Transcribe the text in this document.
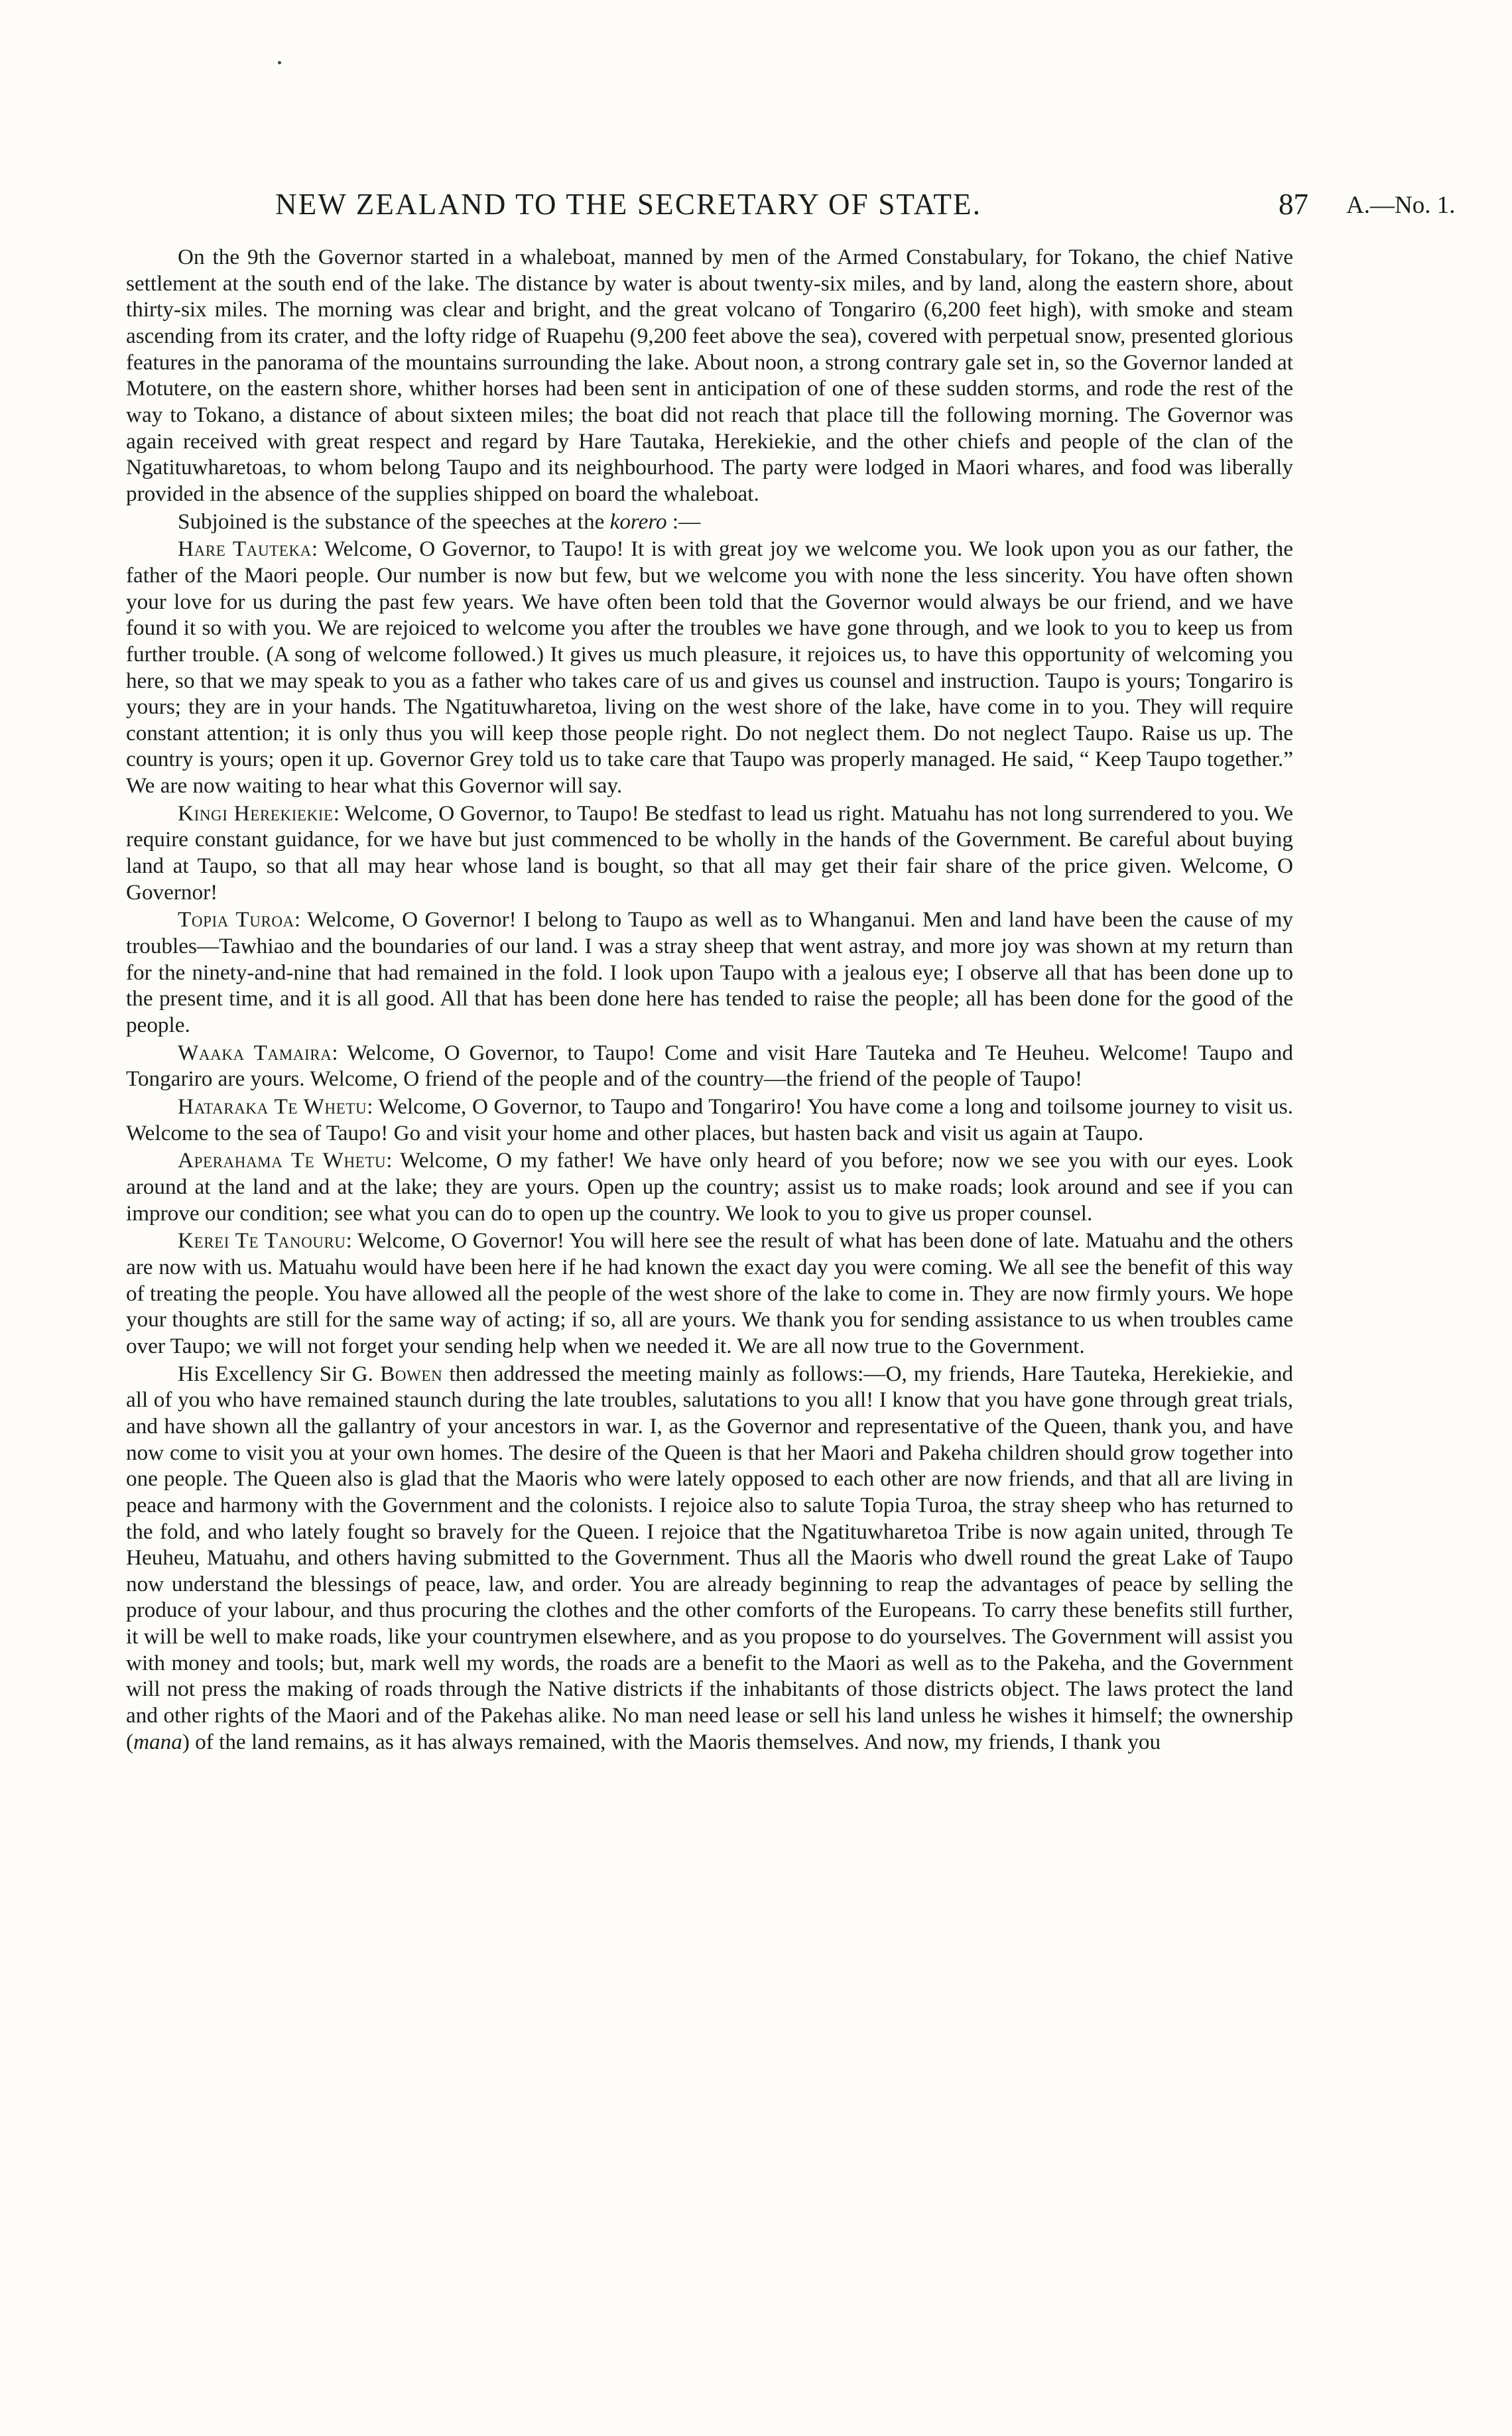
NEW ZEALAND TO THE SECRETARY OF STATE.	87 A.—No. 1.

On the 9th the Governor started in a whaleboat, manned by men of the Armed Constabulary, for Tokano, the chief Native settlement at the south end of the lake. The distance by water is about twenty-six miles, and by land, along the eastern shore, about thirty-six miles. The morning was clear and bright, and the great volcano of Tongariro (6,200 feet high), with smoke and steam ascending from its crater, and the lofty ridge of Ruapehu (9,200 feet above the sea), covered with perpetual snow, presented glorious features in the panorama of the mountains surrounding the lake. About noon, a strong contrary gale set in, so the Governor landed at Motutere, on the eastern shore, whither horses had been sent in anticipation of one of these sudden storms, and rode the rest of the way to Tokano, a distance of about sixteen miles; the boat did not reach that place till the following morning. The Governor was again received with great respect and regard by Hare Tautaka, Herekiekie, and the other chiefs and people of the clan of the Ngatituwharetoas, to whom belong Taupo and its neighbourhood. The party were lodged in Maori whares, and food was liberally provided in the absence of the supplies shipped on board the whaleboat.

Subjoined is the substance of the speeches at the korero :—

Hare Tauteka: Welcome, O Governor, to Taupo! It is with great joy we welcome you. We look upon you as our father, the father of the Maori people. Our number is now but few, but we welcome you with none the less sincerity. You have often shown your love for us during the past few years. We have often been told that the Governor would always be our friend, and we have found it so with you. We are rejoiced to welcome you after the troubles we have gone through, and we look to you to keep us from further trouble. (A song of welcome followed.) It gives us much pleasure, it rejoices us, to have this opportunity of welcoming you here, so that we may speak to you as a father who takes care of us and gives us counsel and instruction. Taupo is yours; Tongariro is yours; they are in your hands. The Ngatituwharetoa, living on the west shore of the lake, have come in to you. They will require constant attention; it is only thus you will keep those people right. Do not neglect them. Do not neglect Taupo. Raise us up. The country is yours; open it up. Governor Grey told us to take care that Taupo was properly managed. He said, “ Keep Taupo together.” We are now waiting to hear what this Governor will say.

Kingi Herekiekie: Welcome, O Governor, to Taupo! Be stedfast to lead us right. Matuahu has not long surrendered to you. We require constant guidance, for we have but just commenced to be wholly in the hands of the Government. Be careful about buying land at Taupo, so that all may hear whose land is bought, so that all may get their fair share of the price given. Welcome, O Governor!

Topia Turoa: Welcome, O Governor! I belong to Taupo as well as to Whanganui. Men and land have been the cause of my troubles—Tawhiao and the boundaries of our land. I was a stray sheep that went astray, and more joy was shown at my return than for the ninety-and-nine that had remained in the fold. I look upon Taupo with a jealous eye; I observe all that has been done up to the present time, and it is all good. All that has been done here has tended to raise the people; all has been done for the good of the people.

Waaka Tamaira: Welcome, O Governor, to Taupo! Come and visit Hare Tauteka and Te Heuheu. Welcome! Taupo and Tongariro are yours. Welcome, O friend of the people and of the country—the friend of the people of Taupo!

Hataraka Te Whetu: Welcome, O Governor, to Taupo and Tongariro! You have come a long and toilsome journey to visit us. Welcome to the sea of Taupo! Go and visit your home and other places, but hasten back and visit us again at Taupo.

Aperahama Te Whetu: Welcome, O my father! We have only heard of you before; now we see you with our eyes. Look around at the land and at the lake; they are yours. Open up the country; assist us to make roads; look around and see if you can improve our condition; see what you can do to open up the country. We look to you to give us proper counsel.

Kerei Te Tanouru: Welcome, O Governor! You will here see the result of what has been done of late. Matuahu and the others are now with us. Matuahu would have been here if he had known the exact day you were coming. We all see the benefit of this way of treating the people. You have allowed all the people of the west shore of the lake to come in. They are now firmly yours. We hope your thoughts are still for the same way of acting; if so, all are yours. We thank you for sending assistance to us when troubles came over Taupo; we will not forget your sending help when we needed it. We are all now true to the Government.

His Excellency Sir G. Bowen then addressed the meeting mainly as follows:—O, my friends, Hare Tauteka, Herekiekie, and all of you who have remained staunch during the late troubles, salutations to you all! I know that you have gone through great trials, and have shown all the gallantry of your ancestors in war. I, as the Governor and representative of the Queen, thank you, and have now come to visit you at your own homes. The desire of the Queen is that her Maori and Pakeha children should grow together into one people. The Queen also is glad that the Maoris who were lately opposed to each other are now friends, and that all are living in peace and harmony with the Government and the colonists. I rejoice also to salute Topia Turoa, the stray sheep who has returned to the fold, and who lately fought so bravely for the Queen. I rejoice that the Ngatituwharetoa Tribe is now again united, through Te Heuheu, Matuahu, and others having submitted to the Government. Thus all the Maoris who dwell round the great Lake of Taupo now understand the blessings of peace, law, and order. You are already beginning to reap the advantages of peace by selling the produce of your labour, and thus procuring the clothes and the other comforts of the Europeans. To carry these benefits still further, it will be well to make roads, like your countrymen elsewhere, and as you propose to do yourselves. The Government will assist you with money and tools; but, mark well my words, the roads are a benefit to the Maori as well as to the Pakeha, and the Government will not press the making of roads through the Native districts if the inhabitants of those districts object. The laws protect the land and other rights of the Maori and of the Pakehas alike. No man need lease or sell his land unless he wishes it himself; the ownership (mana) of the land remains, as it has always remained, with the Maoris themselves. And now, my friends, I thank you
